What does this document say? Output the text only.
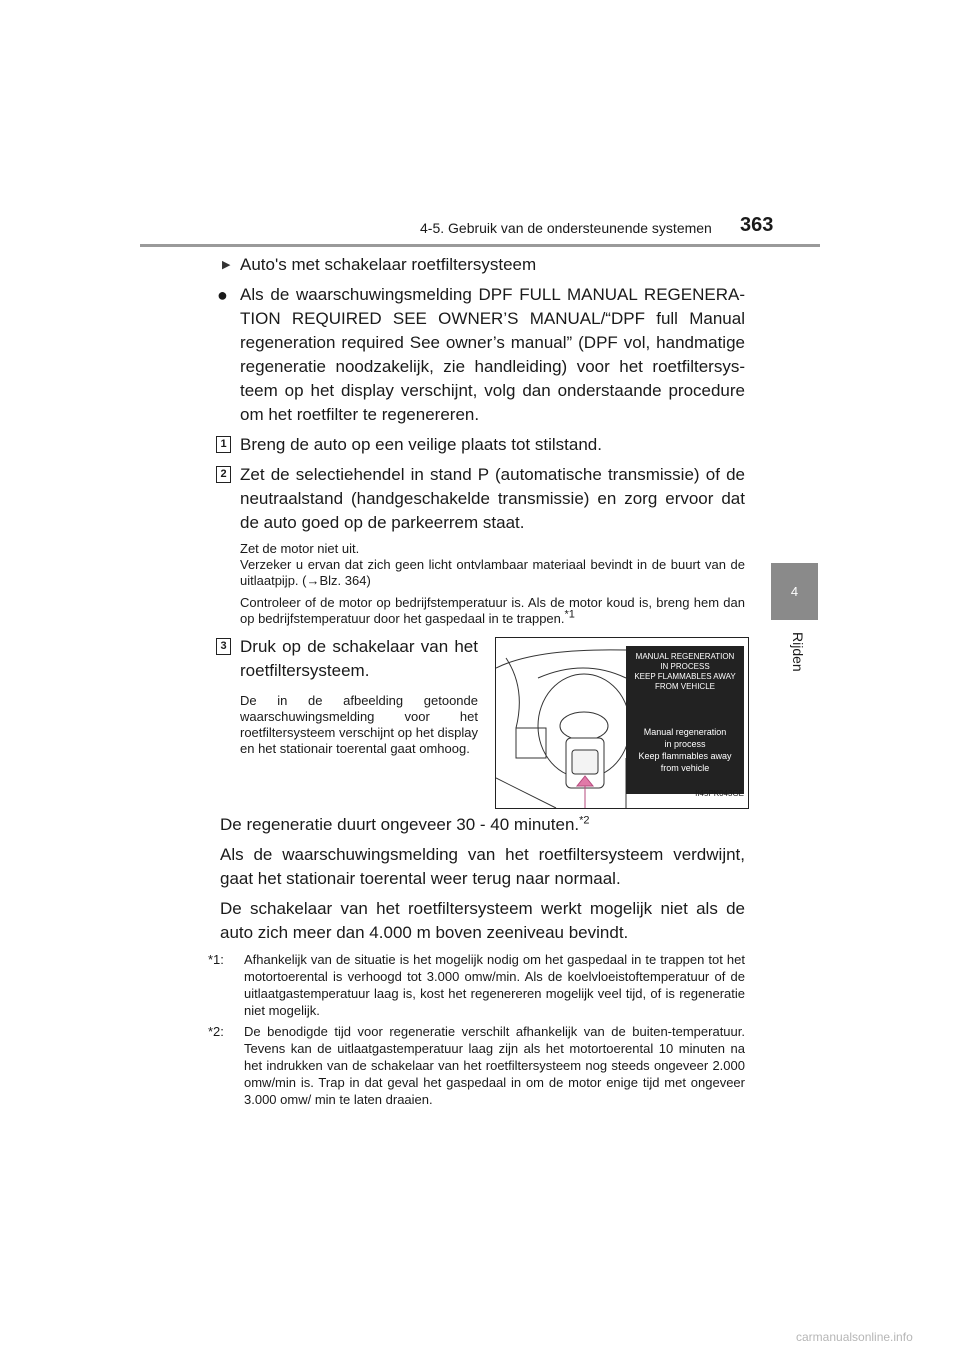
4-5. Gebruik van de ondersteunende systemen 363
4
Rijden

▶ Auto's met schakelaar roetfiltersysteem

● Als de waarschuwingsmelding DPF FULL MANUAL REGENERA-TION REQUIRED SEE OWNER’S MANUAL/“DPF full Manual regeneration required See owner’s manual” (DPF vol, handmatige regeneratie noodzakelijk, zie handleiding) voor het roetfiltersys-teem op het display verschijnt, volg dan onderstaande procedure om het roetfilter te regenereren.
1 Breng de auto op een veilige plaats tot stilstand.
2 Zet de selectiehendel in stand P (automatische transmissie) of de neutraalstand (handgeschakelde transmissie) en zorg ervoor dat de auto goed op de parkeerrem staat.

Zet de motor niet uit.

Verzeker u ervan dat zich geen licht ontvlambaar materiaal bevindt in de buurt van de uitlaatpijp. (→Blz. 364)

Controleer of de motor op bedrijfstemperatuur is. Als de motor koud is, breng hem dan op bedrijfstemperatuur door het gaspedaal in te trappen.$^{*1}$

3 Druk op de schakelaar van het roetfiltersysteem.

De in de afbeelding getoonde waarschuwingsmelding voor het roetfiltersysteem verschijnt op het display en het stationair toerental gaat omhoog.

MANUAL REGENERATION
IN PROCESS
KEEP FLAMMABLES AWAY
FROM VEHICLE
Manual regeneration
in process
Keep flammables away
from vehicle
II45PK043GE

De regeneratie duurt ongeveer 30 - 40 minuten.$^{*2}$

Als de waarschuwingsmelding van het roetfiltersysteem verdwijnt, gaat het stationair toerental weer terug naar normaal.

De schakelaar van het roetfiltersysteem werkt mogelijk niet als de auto zich meer dan 4.000 m boven zeeniveau bevindt.

*1: Afhankelijk van de situatie is het mogelijk nodig om het gaspedaal in te trappen tot het motortoerental is verhoogd tot 3.000 omw/min. Als de koelvloeistoftemperatuur of de uitlaatgastemperatuur laag is, kost het regenereren mogelijk veel tijd, of is regeneratie niet mogelijk.
*2: De benodigde tijd voor regeneratie verschilt afhankelijk van de buiten-temperatuur. Tevens kan de uitlaatgastemperatuur laag zijn als het motortoerental 10 minuten na het indrukken van de schakelaar van het roetfiltersysteem nog steeds ongeveer 2.000 omw/min is. Trap in dat geval het gaspedaal in om de motor enige tijd met ongeveer 3.000 omw/ min te laten draaien.
carmanualsonline.info
